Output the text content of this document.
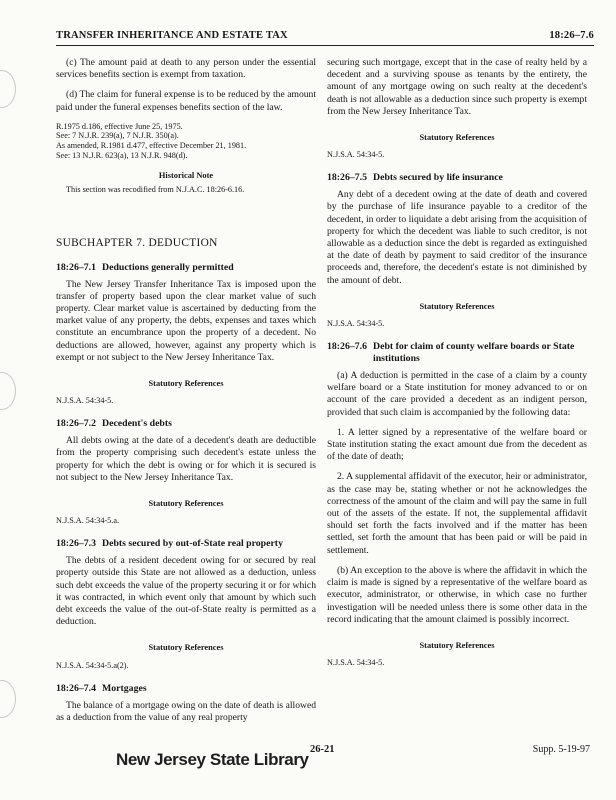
TRANSFER INHERITANCE AND ESTATE TAX	18:26–7.6

(c) The amount paid at death to any person under the essential services benefits section is exempt from taxation.

(d) The claim for funeral expense is to be reduced by the amount paid under the funeral expenses benefits section of the law.

R.1975 d.186, effective June 25, 1975.
See: 7 N.J.R. 239(a), 7 N.J.R. 350(a).
As amended, R.1981 d.477, effective December 21, 1981.
See: 13 N.J.R. 623(a), 13 N.J.R. 948(d).
Historical Note

This section was recodified from N.J.A.C. 18:26-6.16.

SUBCHAPTER 7. DEDUCTION
18:26–7.1 Deductions generally permitted

The New Jersey Transfer Inheritance Tax is imposed upon the transfer of property based upon the clear market value of such property. Clear market value is ascertained by deducting from the market value of any property, the debts, expenses and taxes which constitute an encumbrance upon the property of a decedent. No deductions are allowed, however, against any property which is exempt or not subject to the New Jersey Inheritance Tax.

Statutory References
N.J.S.A. 54:34-5.
18:26–7.2 Decedent's debts

All debts owing at the date of a decedent's death are deductible from the property comprising such decedent's estate unless the property for which the debt is owing or for which it is secured is not subject to the New Jersey Inheritance Tax.

Statutory References
N.J.S.A. 54:34-5.a.
18:26–7.3 Debts secured by out-of-State real property

The debts of a resident decedent owing for or secured by real property outside this State are not allowed as a deduction, unless such debt exceeds the value of the property securing it or for which it was contracted, in which event only that amount by which such debt exceeds the value of the out-of-State realty is permitted as a deduction.

Statutory References
N.J.S.A. 54:34-5.a(2).
18:26–7.4 Mortgages

The balance of a mortgage owing on the date of death is allowed as a deduction from the value of any real property

securing such mortgage, except that in the case of realty held by a decedent and a surviving spouse as tenants by the entirety, the amount of any mortgage owing on such realty at the decedent's death is not allowable as a deduction since such property is exempt from the New Jersey Inheritance Tax.

Statutory References
N.J.S.A. 54:34-5.
18:26–7.5 Debts secured by life insurance

Any debt of a decedent owing at the date of death and covered by the purchase of life insurance payable to a creditor of the decedent, in order to liquidate a debt arising from the acquisition of property for which the decedent was liable to such creditor, is not allowable as a deduction since the debt is regarded as extinguished at the date of death by payment to said creditor of the insurance proceeds and, therefore, the decedent's estate is not diminished by the amount of debt.

Statutory References
N.J.S.A. 54:34-5.
18:26–7.6 Debt for claim of county welfare boards or State institutions

(a) A deduction is permitted in the case of a claim by a county welfare board or a State institution for money advanced to or on account of the care provided a decedent as an indigent person, provided that such claim is accompanied by the following data:

1. A letter signed by a representative of the welfare board or State institution stating the exact amount due from the decedent as of the date of death;

2. A supplemental affidavit of the executor, heir or administrator, as the case may be, stating whether or not he acknowledges the correctness of the amount of the claim and will pay the same in full out of the assets of the estate. If not, the supplemental affidavit should set forth the facts involved and if the matter has been settled, set forth the amount that has been paid or will be paid in settlement.

(b) An exception to the above is where the affidavit in which the claim is made is signed by a representative of the welfare board as executor, administrator, or otherwise, in which case no further investigation will be needed unless there is some other data in the record indicating that the amount claimed is possibly incorrect.

Statutory References
N.J.S.A. 54:34-5.
New Jersey State Library
26-21	Supp. 5-19-97
